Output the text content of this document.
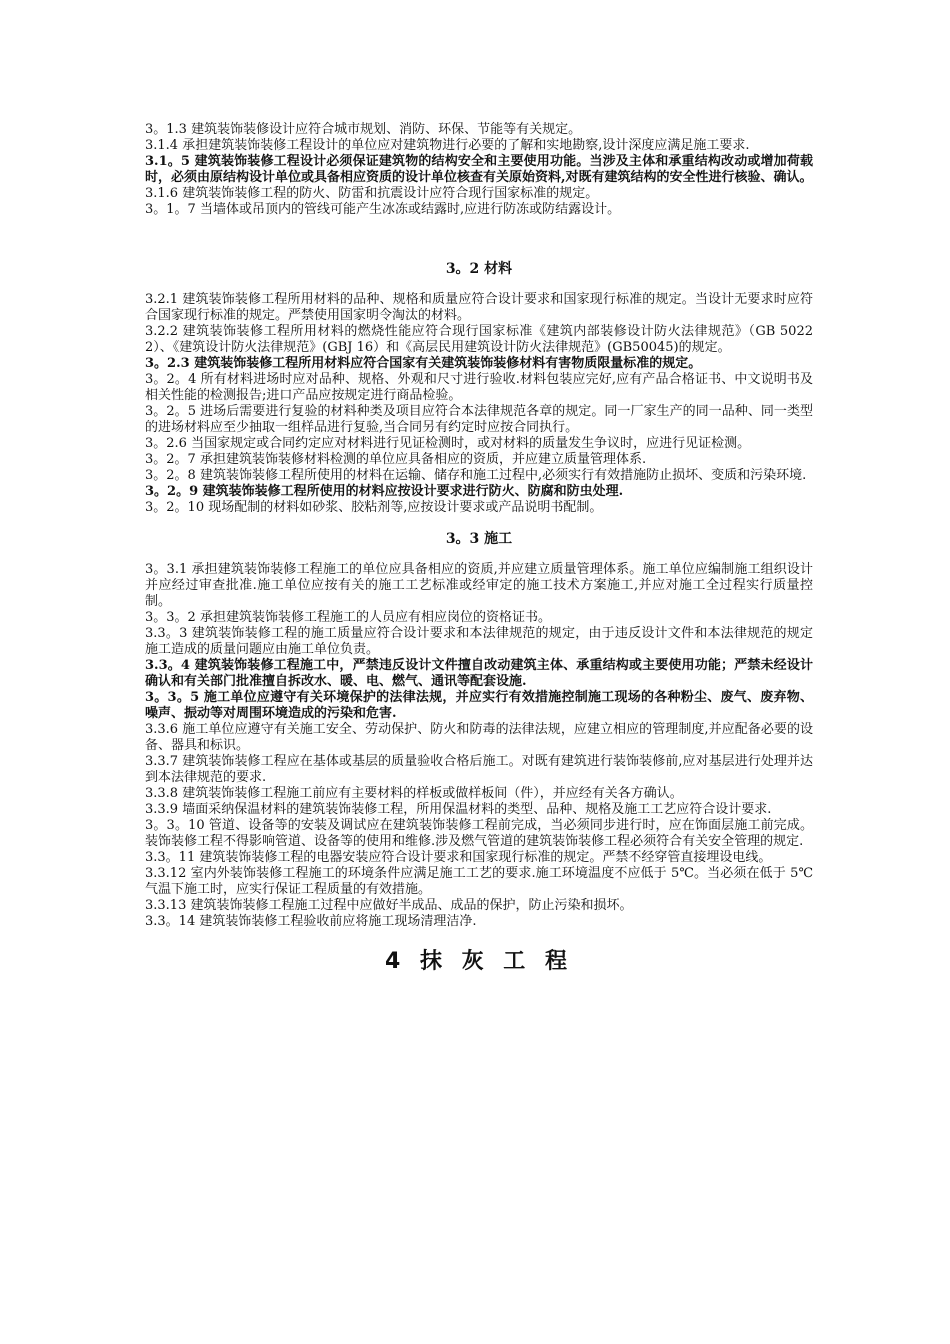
3。1.3 建筑装饰装修设计应符合城市规划、消防、环保、节能等有关规定。

3.1.4 承担建筑装饰装修工程设计的单位应对建筑物进行必要的了解和实地勘察,设计深度应满足施工要求.

3.1。5 建筑装饰装修工程设计必须保证建筑物的结构安全和主要使用功能。当涉及主体和承重结构改动或增加荷载时，必须由原结构设计单位或具备相应资质的设计单位核查有关原始资料,对既有建筑结构的安全性进行核验、确认。

3.1.6 建筑装饰装修工程的防火、防雷和抗震设计应符合现行国家标准的规定。

3。1。7 当墙体或吊顶内的管线可能产生冰冻或结露时,应进行防冻或防结露设计。

3。2 材料

3.2.1 建筑装饰装修工程所用材料的品种、规格和质量应符合设计要求和国家现行标准的规定。当设计无要求时应符合国家现行标准的规定。严禁使用国家明令淘汰的材料。

3.2.2 建筑装饰装修工程所用材料的燃烧性能应符合现行国家标准《建筑内部装修设计防火法律规范》（GB 50222）、《建筑设计防火法律规范》(GBJ 16）和《高层民用建筑设计防火法律规范》(GB50045)的规定。

3。2.3 建筑装饰装修工程所用材料应符合国家有关建筑装饰装修材料有害物质限量标准的规定。

3。2。4 所有材料进场时应对品种、规格、外观和尺寸进行验收.材料包装应完好,应有产品合格证书、中文说明书及相关性能的检测报告;进口产品应按规定进行商品检验。

3。2。5 进场后需要进行复验的材料种类及项目应符合本法律规范各章的规定。同一厂家生产的同一品种、同一类型的进场材料应至少抽取一组样品进行复验,当合同另有约定时应按合同执行。

3。2.6 当国家规定或合同约定应对材料进行见证检测时，或对材料的质量发生争议时，应进行见证检测。

3。2。7 承担建筑装饰装修材料检测的单位应具备相应的资质，并应建立质量管理体系.

3。2。8 建筑装饰装修工程所使用的材料在运输、储存和施工过程中,必须实行有效措施防止损坏、变质和污染环境.

3。2。9 建筑装饰装修工程所使用的材料应按设计要求进行防火、防腐和防虫处理.

3。2。10 现场配制的材料如砂浆、胶粘剂等,应按设计要求或产品说明书配制。

3。3 施工

3。3.1 承担建筑装饰装修工程施工的单位应具备相应的资质,并应建立质量管理体系。施工单位应编制施工组织设计并应经过审查批准.施工单位应按有关的施工工艺标准或经审定的施工技术方案施工,并应对施工全过程实行质量控制。

3。3。2 承担建筑装饰装修工程施工的人员应有相应岗位的资格证书。

3.3。3 建筑装饰装修工程的施工质量应符合设计要求和本法律规范的规定，由于违反设计文件和本法律规范的规定施工造成的质量问题应由施工单位负责。

3.3。4 建筑装饰装修工程施工中，严禁违反设计文件擅自改动建筑主体、承重结构或主要使用功能；严禁未经设计确认和有关部门批准擅自拆改水、暖、电、燃气、通讯等配套设施.

3。3。5 施工单位应遵守有关环境保护的法律法规，并应实行有效措施控制施工现场的各种粉尘、废气、废弃物、噪声、振动等对周围环境造成的污染和危害.

3.3.6 施工单位应遵守有关施工安全、劳动保护、防火和防毒的法律法规，应建立相应的管理制度,并应配备必要的设备、器具和标识。

3.3.7 建筑装饰装修工程应在基体或基层的质量验收合格后施工。对既有建筑进行装饰装修前,应对基层进行处理并达到本法律规范的要求.

3.3.8 建筑装饰装修工程施工前应有主要材料的样板或做样板间（件），并应经有关各方确认。

3.3.9 墙面采纳保温材料的建筑装饰装修工程，所用保温材料的类型、品种、规格及施工工艺应符合设计要求.

3。3。10 管道、设备等的安装及调试应在建筑装饰装修工程前完成，当必须同步进行时，应在饰面层施工前完成。装饰装修工程不得影响管道、设备等的使用和维修.涉及燃气管道的建筑装饰装修工程必须符合有关安全管理的规定.

3.3。11 建筑装饰装修工程的电器安装应符合设计要求和国家现行标准的规定。严禁不经穿管直接埋设电线。

3.3.12 室内外装饰装修工程施工的环境条件应满足施工工艺的要求.施工环境温度不应低于 5℃。当必须在低于 5℃气温下施工时，应实行保证工程质量的有效措施。

3.3.13 建筑装饰装修工程施工过程中应做好半成品、成品的保护，防止污染和损坏。

3.3。14 建筑装饰装修工程验收前应将施工现场清理洁净.

4 抹 灰 工 程
